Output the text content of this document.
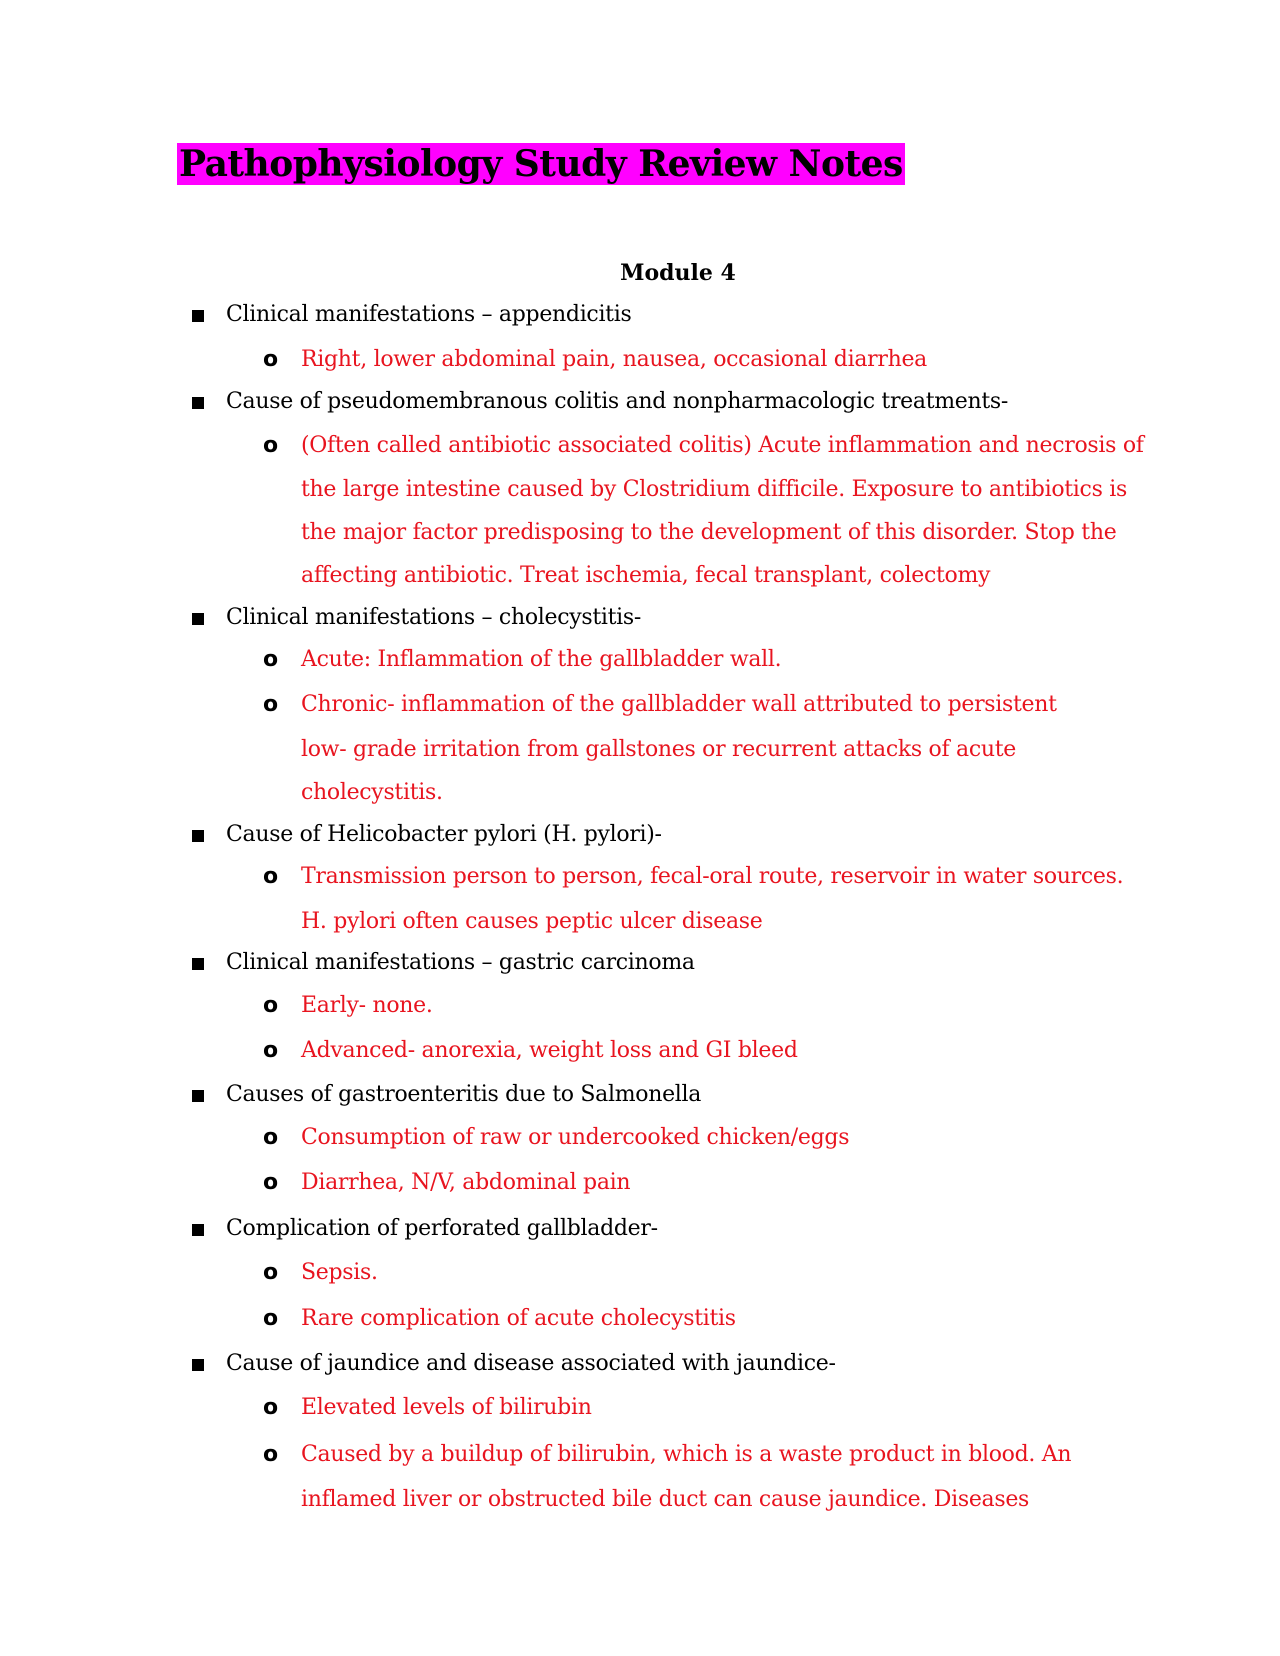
Pathophysiology Study Review Notes
Module 4
Clinical manifestations – appendicitis
o Right, lower abdominal pain, nausea, occasional diarrhea
Cause of pseudomembranous colitis and nonpharmacologic treatments-
o (Often called antibiotic associated colitis) Acute inflammation and necrosis of
the large intestine caused by Clostridium difficile. Exposure to antibiotics is
the major factor predisposing to the development of this disorder. Stop the
affecting antibiotic. Treat ischemia, fecal transplant, colectomy
Clinical manifestations – cholecystitis-
o Acute: Inflammation of the gallbladder wall.
o Chronic- inflammation of the gallbladder wall attributed to persistent
low- grade irritation from gallstones or recurrent attacks of acute
cholecystitis.
Cause of Helicobacter pylori (H. pylori)-
o Transmission person to person, fecal-oral route, reservoir in water sources.
H. pylori often causes peptic ulcer disease
Clinical manifestations – gastric carcinoma
o Early- none.
o Advanced- anorexia, weight loss and GI bleed
Causes of gastroenteritis due to Salmonella
o Consumption of raw or undercooked chicken/eggs
o Diarrhea, N/V, abdominal pain
Complication of perforated gallbladder-
o Sepsis.
o Rare complication of acute cholecystitis
Cause of jaundice and disease associated with jaundice-
o Elevated levels of bilirubin
o Caused by a buildup of bilirubin, which is a waste product in blood. An
inflamed liver or obstructed bile duct can cause jaundice. Diseases
